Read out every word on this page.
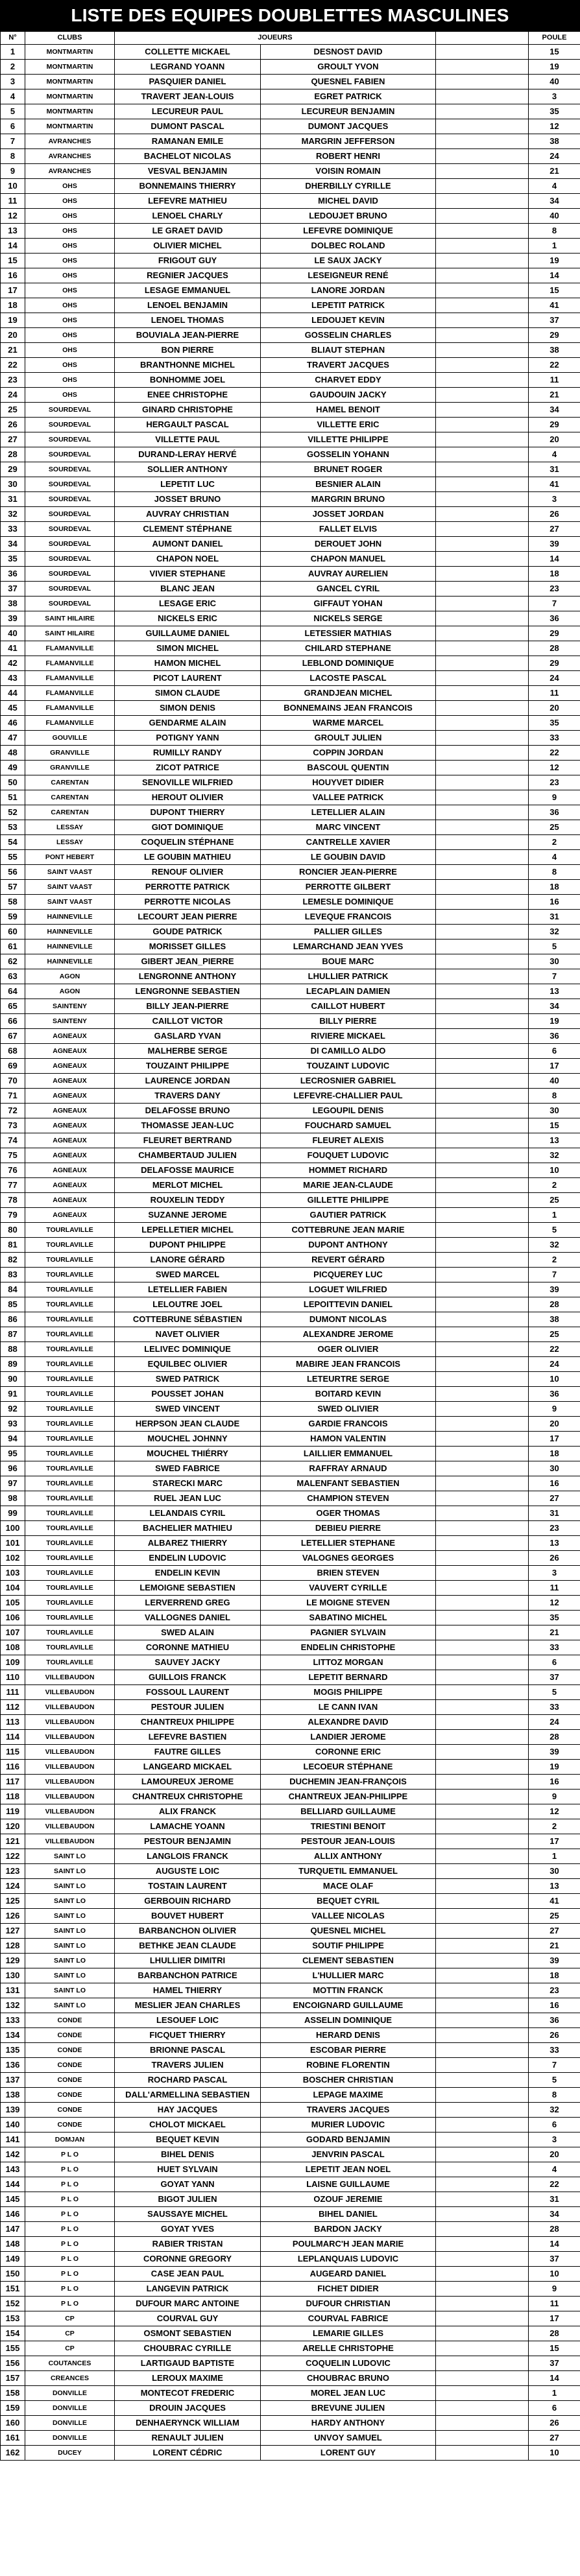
LISTE DES EQUIPES DOUBLETTES MASCULINES
N°	CLUBS	JOUEURS			POULE
1	MONTMARTIN	COLLETTE MICKAEL	DESNOST DAVID		15
2	MONTMARTIN	LEGRAND YOANN	GROULT YVON		19
3	MONTMARTIN	PASQUIER DANIEL	QUESNEL FABIEN		40
4	MONTMARTIN	TRAVERT JEAN-LOUIS	EGRET PATRICK		3
5	MONTMARTIN	LECUREUR PAUL	LECUREUR BENJAMIN		35
6	MONTMARTIN	DUMONT PASCAL	DUMONT JACQUES		12
7	AVRANCHES	RAMANAN EMILE	MARGRIN JEFFERSON		38
8	AVRANCHES	BACHELOT NICOLAS	ROBERT HENRI		24
9	AVRANCHES	VESVAL BENJAMIN	VOISIN ROMAIN		21
10	OHS	BONNEMAINS THIERRY	DHERBILLY CYRILLE		4
11	OHS	LEFEVRE MATHIEU	MICHEL DAVID		34
12	OHS	LENOEL CHARLY	LEDOUJET BRUNO		40
13	OHS	LE GRAET DAVID	LEFEVRE DOMINIQUE		8
14	OHS	OLIVIER MICHEL	DOLBEC ROLAND		1
15	OHS	FRIGOUT GUY	LE SAUX JACKY		19
16	OHS	REGNIER JACQUES	LESEIGNEUR RENÉ		14
17	OHS	LESAGE EMMANUEL	LANORE JORDAN		15
18	OHS	LENOEL BENJAMIN	LEPETIT PATRICK		41
19	OHS	LENOEL THOMAS	LEDOUJET KEVIN		37
20	OHS	BOUVIALA JEAN-PIERRE	GOSSELIN CHARLES		29
21	OHS	BON PIERRE	BLIAUT STEPHAN		38
22	OHS	BRANTHONNE MICHEL	TRAVERT JACQUES		22
23	OHS	BONHOMME JOEL	CHARVET EDDY		11
24	OHS	ENEE CHRISTOPHE	GAUDOUIN JACKY		21
25	SOURDEVAL	GINARD CHRISTOPHE	HAMEL BENOIT		34
26	SOURDEVAL	HERGAULT PASCAL	VILLETTE ERIC		29
27	SOURDEVAL	VILLETTE PAUL	VILLETTE PHILIPPE		20
28	SOURDEVAL	DURAND-LERAY HERVÉ	GOSSELIN YOHANN		4
29	SOURDEVAL	SOLLIER ANTHONY	BRUNET ROGER		31
30	SOURDEVAL	LEPETIT LUC	BESNIER ALAIN		41
31	SOURDEVAL	JOSSET BRUNO	MARGRIN BRUNO		3
32	SOURDEVAL	AUVRAY CHRISTIAN	JOSSET JORDAN		26
33	SOURDEVAL	CLEMENT STÉPHANE	FALLET ELVIS		27
34	SOURDEVAL	AUMONT DANIEL	DEROUET JOHN		39
35	SOURDEVAL	CHAPON NOEL	CHAPON MANUEL		14
36	SOURDEVAL	VIVIER STEPHANE	AUVRAY AURELIEN		18
37	SOURDEVAL	BLANC JEAN	GANCEL CYRIL		23
38	SOURDEVAL	LESAGE ERIC	GIFFAUT YOHAN		7
39	SAINT HILAIRE	NICKELS ERIC	NICKELS SERGE		36
40	SAINT HILAIRE	GUILLAUME DANIEL	LETESSIER MATHIAS		29
41	FLAMANVILLE	SIMON MICHEL	CHILARD STEPHANE		28
42	FLAMANVILLE	HAMON MICHEL	LEBLOND DOMINIQUE		29
43	FLAMANVILLE	PICOT LAURENT	LACOSTE PASCAL		24
44	FLAMANVILLE	SIMON CLAUDE	GRANDJEAN MICHEL		11
45	FLAMANVILLE	SIMON DENIS	BONNEMAINS JEAN FRANCOIS		20
46	FLAMANVILLE	GENDARME ALAIN	WARME MARCEL		35
47	GOUVILLE	POTIGNY YANN	GROULT JULIEN		33
48	GRANVILLE	RUMILLY RANDY	COPPIN JORDAN		22
49	GRANVILLE	ZICOT PATRICE	BASCOUL QUENTIN		12
50	CARENTAN	SENOVILLE WILFRIED	HOUYVET DIDIER		23
51	CARENTAN	HEROUT OLIVIER	VALLEE PATRICK		9
52	CARENTAN	DUPONT THIERRY	LETELLIER ALAIN		36
53	LESSAY	GIOT DOMINIQUE	MARC VINCENT		25
54	LESSAY	COQUELIN STÉPHANE	CANTRELLE XAVIER		2
55	PONT HEBERT	LE GOUBIN MATHIEU	LE GOUBIN DAVID		4
56	SAINT VAAST	RENOUF OLIVIER	RONCIER JEAN-PIERRE		8
57	SAINT VAAST	PERROTTE PATRICK	PERROTTE GILBERT		18
58	SAINT VAAST	PERROTTE NICOLAS	LEMESLE DOMINIQUE		16
59	HAINNEVILLE	LECOURT JEAN PIERRE	LEVEQUE FRANCOIS		31
60	HAINNEVILLE	GOUDE PATRICK	PALLIER GILLES		32
61	HAINNEVILLE	MORISSET GILLES	LEMARCHAND JEAN YVES		5
62	HAINNEVILLE	GIBERT JEAN_PIERRE	BOUE MARC		30
63	AGON	LENGRONNE ANTHONY	LHULLIER PATRICK		7
64	AGON	LENGRONNE SEBASTIEN	LECAPLAIN DAMIEN		13
65	SAINTENY	BILLY JEAN-PIERRE	CAILLOT HUBERT		34
66	SAINTENY	CAILLOT VICTOR	BILLY PIERRE		19
67	AGNEAUX	GASLARD YVAN	RIVIERE MICKAEL		36
68	AGNEAUX	MALHERBE SERGE	DI CAMILLO ALDO		6
69	AGNEAUX	TOUZAINT PHILIPPE	TOUZAINT LUDOVIC		17
70	AGNEAUX	LAURENCE JORDAN	LECROSNIER GABRIEL		40
71	AGNEAUX	TRAVERS DANY	LEFEVRE-CHALLIER PAUL		8
72	AGNEAUX	DELAFOSSE BRUNO	LEGOUPIL DENIS		30
73	AGNEAUX	THOMASSE JEAN-LUC	FOUCHARD SAMUEL		15
74	AGNEAUX	FLEURET BERTRAND	FLEURET ALEXIS		13
75	AGNEAUX	CHAMBERTAUD JULIEN	FOUQUET LUDOVIC		32
76	AGNEAUX	DELAFOSSE MAURICE	HOMMET RICHARD		10
77	AGNEAUX	MERLOT MICHEL	MARIE JEAN-CLAUDE		2
78	AGNEAUX	ROUXELIN TEDDY	GILLETTE PHILIPPE		25
79	AGNEAUX	SUZANNE JEROME	GAUTIER PATRICK		1
80	TOURLAVILLE	LEPELLETIER MICHEL	COTTEBRUNE JEAN MARIE		5
81	TOURLAVILLE	DUPONT PHILIPPE	DUPONT ANTHONY		32
82	TOURLAVILLE	LANORE GÉRARD	REVERT GÉRARD		2
83	TOURLAVILLE	SWED MARCEL	PICQUEREY LUC		7
84	TOURLAVILLE	LETELLIER FABIEN	LOGUET WILFRIED		39
85	TOURLAVILLE	LELOUTRE JOEL	LEPOITTEVIN DANIEL		28
86	TOURLAVILLE	COTTEBRUNE SÉBASTIEN	DUMONT NICOLAS		38
87	TOURLAVILLE	NAVET OLIVIER	ALEXANDRE JEROME		25
88	TOURLAVILLE	LELIVEC DOMINIQUE	OGER OLIVIER		22
89	TOURLAVILLE	EQUILBEC OLIVIER	MABIRE JEAN FRANCOIS		24
90	TOURLAVILLE	SWED PATRICK	LETEURTRE SERGE		10
91	TOURLAVILLE	POUSSET JOHAN	BOITARD KEVIN		36
92	TOURLAVILLE	SWED VINCENT	SWED OLIVIER		9
93	TOURLAVILLE	HERPSON JEAN CLAUDE	GARDIE FRANCOIS		20
94	TOURLAVILLE	MOUCHEL JOHNNY	HAMON VALENTIN		17
95	TOURLAVILLE	MOUCHEL THIÉRRY	LAILLIER EMMANUEL		18
96	TOURLAVILLE	SWED FABRICE	RAFFRAY ARNAUD		30
97	TOURLAVILLE	STARECKI MARC	MALENFANT SEBASTIEN		16
98	TOURLAVILLE	RUEL JEAN LUC	CHAMPION STEVEN		27
99	TOURLAVILLE	LELANDAIS CYRIL	OGER THOMAS		31
100	TOURLAVILLE	BACHELIER MATHIEU	DEBIEU PIERRE		23
101	TOURLAVILLE	ALBAREZ THIERRY	LETELLIER STEPHANE		13
102	TOURLAVILLE	ENDELIN LUDOVIC	VALOGNES GEORGES		26
103	TOURLAVILLE	ENDELIN KEVIN	BRIEN STEVEN		3
104	TOURLAVILLE	LEMOIGNE SEBASTIEN	VAUVERT CYRILLE		11
105	TOURLAVILLE	LERVERREND GREG	LE MOIGNE STEVEN		12
106	TOURLAVILLE	VALLOGNES DANIEL	SABATINO MICHEL		35
107	TOURLAVILLE	SWED ALAIN	PAGNIER SYLVAIN		21
108	TOURLAVILLE	CORONNE MATHIEU	ENDELIN CHRISTOPHE		33
109	TOURLAVILLE	SAUVEY JACKY	LITTOZ MORGAN		6
110	VILLEBAUDON	GUILLOIS FRANCK	LEPETIT BERNARD		37
111	VILLEBAUDON	FOSSOUL LAURENT	MOGIS PHILIPPE		5
112	VILLEBAUDON	PESTOUR JULIEN	LE CANN IVAN		33
113	VILLEBAUDON	CHANTREUX PHILIPPE	ALEXANDRE DAVID		24
114	VILLEBAUDON	LEFEVRE BASTIEN	LANDIER JEROME		28
115	VILLEBAUDON	FAUTRE GILLES	CORONNE ERIC		39
116	VILLEBAUDON	LANGEARD MICKAEL	LECOEUR STÉPHANE		19
117	VILLEBAUDON	LAMOUREUX JEROME	DUCHEMIN JEAN-FRANÇOIS		16
118	VILLEBAUDON	CHANTREUX CHRISTOPHE	CHANTREUX JEAN-PHILIPPE		9
119	VILLEBAUDON	ALIX FRANCK	BELLIARD GUILLAUME		12
120	VILLEBAUDON	LAMACHE YOANN	TRIESTINI BENOIT		2
121	VILLEBAUDON	PESTOUR BENJAMIN	PESTOUR JEAN-LOUIS		17
122	SAINT LO	LANGLOIS FRANCK	ALLIX ANTHONY		1
123	SAINT LO	AUGUSTE LOIC	TURQUETIL EMMANUEL		30
124	SAINT LO	TOSTAIN LAURENT	MACE OLAF		13
125	SAINT LO	GERBOUIN RICHARD	BEQUET CYRIL		41
126	SAINT LO	BOUVET HUBERT	VALLEE NICOLAS		25
127	SAINT LO	BARBANCHON OLIVIER	QUESNEL MICHEL		27
128	SAINT LO	BETHKE JEAN CLAUDE	SOUTIF PHILIPPE		21
129	SAINT LO	LHULLIER DIMITRI	CLEMENT SEBASTIEN		39
130	SAINT LO	BARBANCHON PATRICE	L'HULLIER MARC		18
131	SAINT LO	HAMEL THIERRY	MOTTIN FRANCK		23
132	SAINT LO	MESLIER JEAN CHARLES	ENCOIGNARD GUILLAUME		16
133	CONDE	LESOUEF LOIC	ASSELIN DOMINIQUE		36
134	CONDE	FICQUET THIERRY	HERARD DENIS		26
135	CONDE	BRIONNE PASCAL	ESCOBAR PIERRE		33
136	CONDE	TRAVERS JULIEN	ROBINE FLORENTIN		7
137	CONDE	ROCHARD PASCAL	BOSCHER CHRISTIAN		5
138	CONDE	DALL'ARMELLINA SEBASTIEN	LEPAGE MAXIME		8
139	CONDE	HAY JACQUES	TRAVERS JACQUES		32
140	CONDE	CHOLOT MICKAEL	MURIER LUDOVIC		6
141	DOMJAN	BEQUET KEVIN	GODARD BENJAMIN		3
142	P L O	BIHEL DENIS	JENVRIN PASCAL		20
143	P L O	HUET SYLVAIN	LEPETIT JEAN NOEL		4
144	P L O	GOYAT YANN	LAISNE GUILLAUME		22
145	P L O	BIGOT JULIEN	OZOUF JEREMIE		31
146	P L O	SAUSSAYE MICHEL	BIHEL DANIEL		34
147	P L O	GOYAT YVES	BARDON JACKY		28
148	P L O	RABIER TRISTAN	POULMARC'H JEAN MARIE		14
149	P L O	CORONNE GREGORY	LEPLANQUAIS LUDOVIC		37
150	P L O	CASE JEAN PAUL	AUGEARD DANIEL		10
151	P L O	LANGEVIN PATRICK	FICHET DIDIER		9
152	P L O	DUFOUR MARC ANTOINE	DUFOUR CHRISTIAN		11
153	CP	COURVAL GUY	COURVAL FABRICE		17
154	CP	OSMONT SEBASTIEN	LEMARIE GILLES		28
155	CP	CHOUBRAC CYRILLE	ARELLE CHRISTOPHE		15
156	COUTANCES	LARTIGAUD BAPTISTE	COQUELIN LUDOVIC		37
157	CREANCES	LEROUX MAXIME	CHOUBRAC BRUNO		14
158	DONVILLE	MONTECOT FREDERIC	MOREL JEAN LUC		1
159	DONVILLE	DROUIN JACQUES	BREVUNE JULIEN		6
160	DONVILLE	DENHAERYNCK WILLIAM	HARDY ANTHONY		26
161	DONVILLE	RENAULT JULIEN	UNVOY SAMUEL		27
162	DUCEY	LORENT CÉDRIC	LORENT GUY		10
